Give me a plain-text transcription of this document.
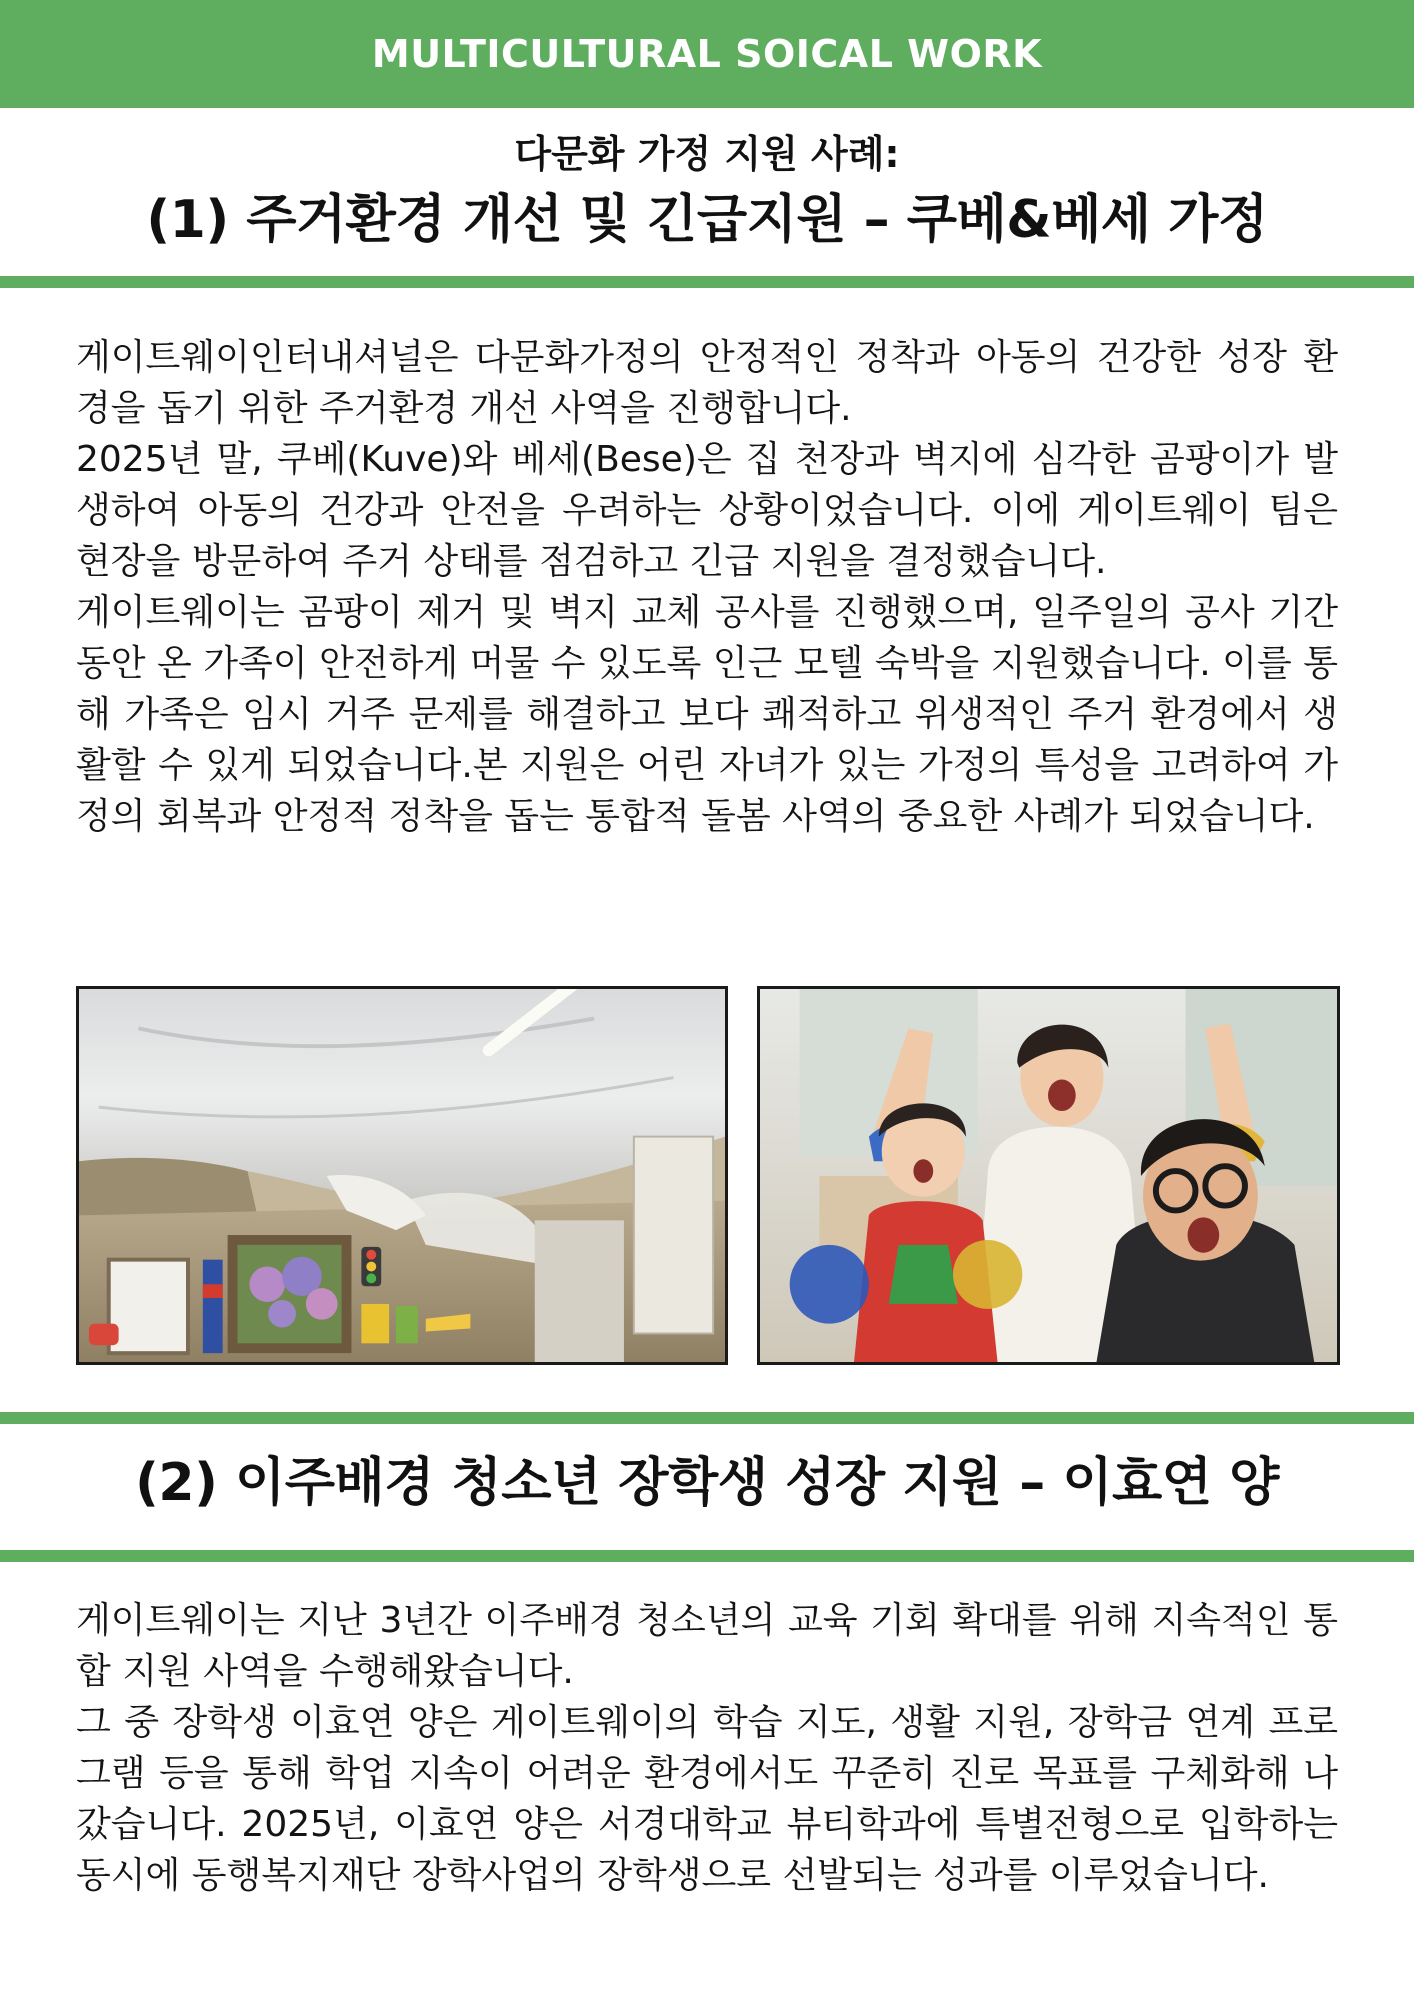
MULTICULTURAL SOICAL WORK
다문화 가정 지원 사례:
(1) 주거환경 개선 및 긴급지원 – 쿠베&베세 가정

게이트웨이인터내셔널은 다문화가정의 안정적인 정착과 아동의 건강한 성장 환경을 돕기 위한 주거환경 개선 사역을 진행합니다.

2025년 말, 쿠베(Kuve)와 베세(Bese)은 집 천장과 벽지에 심각한 곰팡이가 발생하여 아동의 건강과 안전을 우려하는 상황이었습니다. 이에 게이트웨이 팀은 현장을 방문하여 주거 상태를 점검하고 긴급 지원을 결정했습니다.

게이트웨이는 곰팡이 제거 및 벽지 교체 공사를 진행했으며, 일주일의 공사 기간 동안 온 가족이 안전하게 머물 수 있도록 인근 모텔 숙박을 지원했습니다. 이를 통해 가족은 임시 거주 문제를 해결하고 보다 쾌적하고 위생적인 주거 환경에서 생활할 수 있게 되었습니다.본 지원은 어린 자녀가 있는 가정의 특성을 고려하여 가정의 회복과 안정적 정착을 돕는 통합적 돌봄 사역의 중요한 사례가 되었습니다.

(2) 이주배경 청소년 장학생 성장 지원 – 이효연 양

게이트웨이는 지난 3년간 이주배경 청소년의 교육 기회 확대를 위해 지속적인 통합 지원 사역을 수행해왔습니다.

그 중 장학생 이효연 양은 게이트웨이의 학습 지도, 생활 지원, 장학금 연계 프로그램 등을 통해 학업 지속이 어려운 환경에서도 꾸준히 진로 목표를 구체화해 나갔습니다. 2025년, 이효연 양은 서경대학교 뷰티학과에 특별전형으로 입학하는 동시에 동행복지재단 장학사업의 장학생으로 선발되는 성과를 이루었습니다.
